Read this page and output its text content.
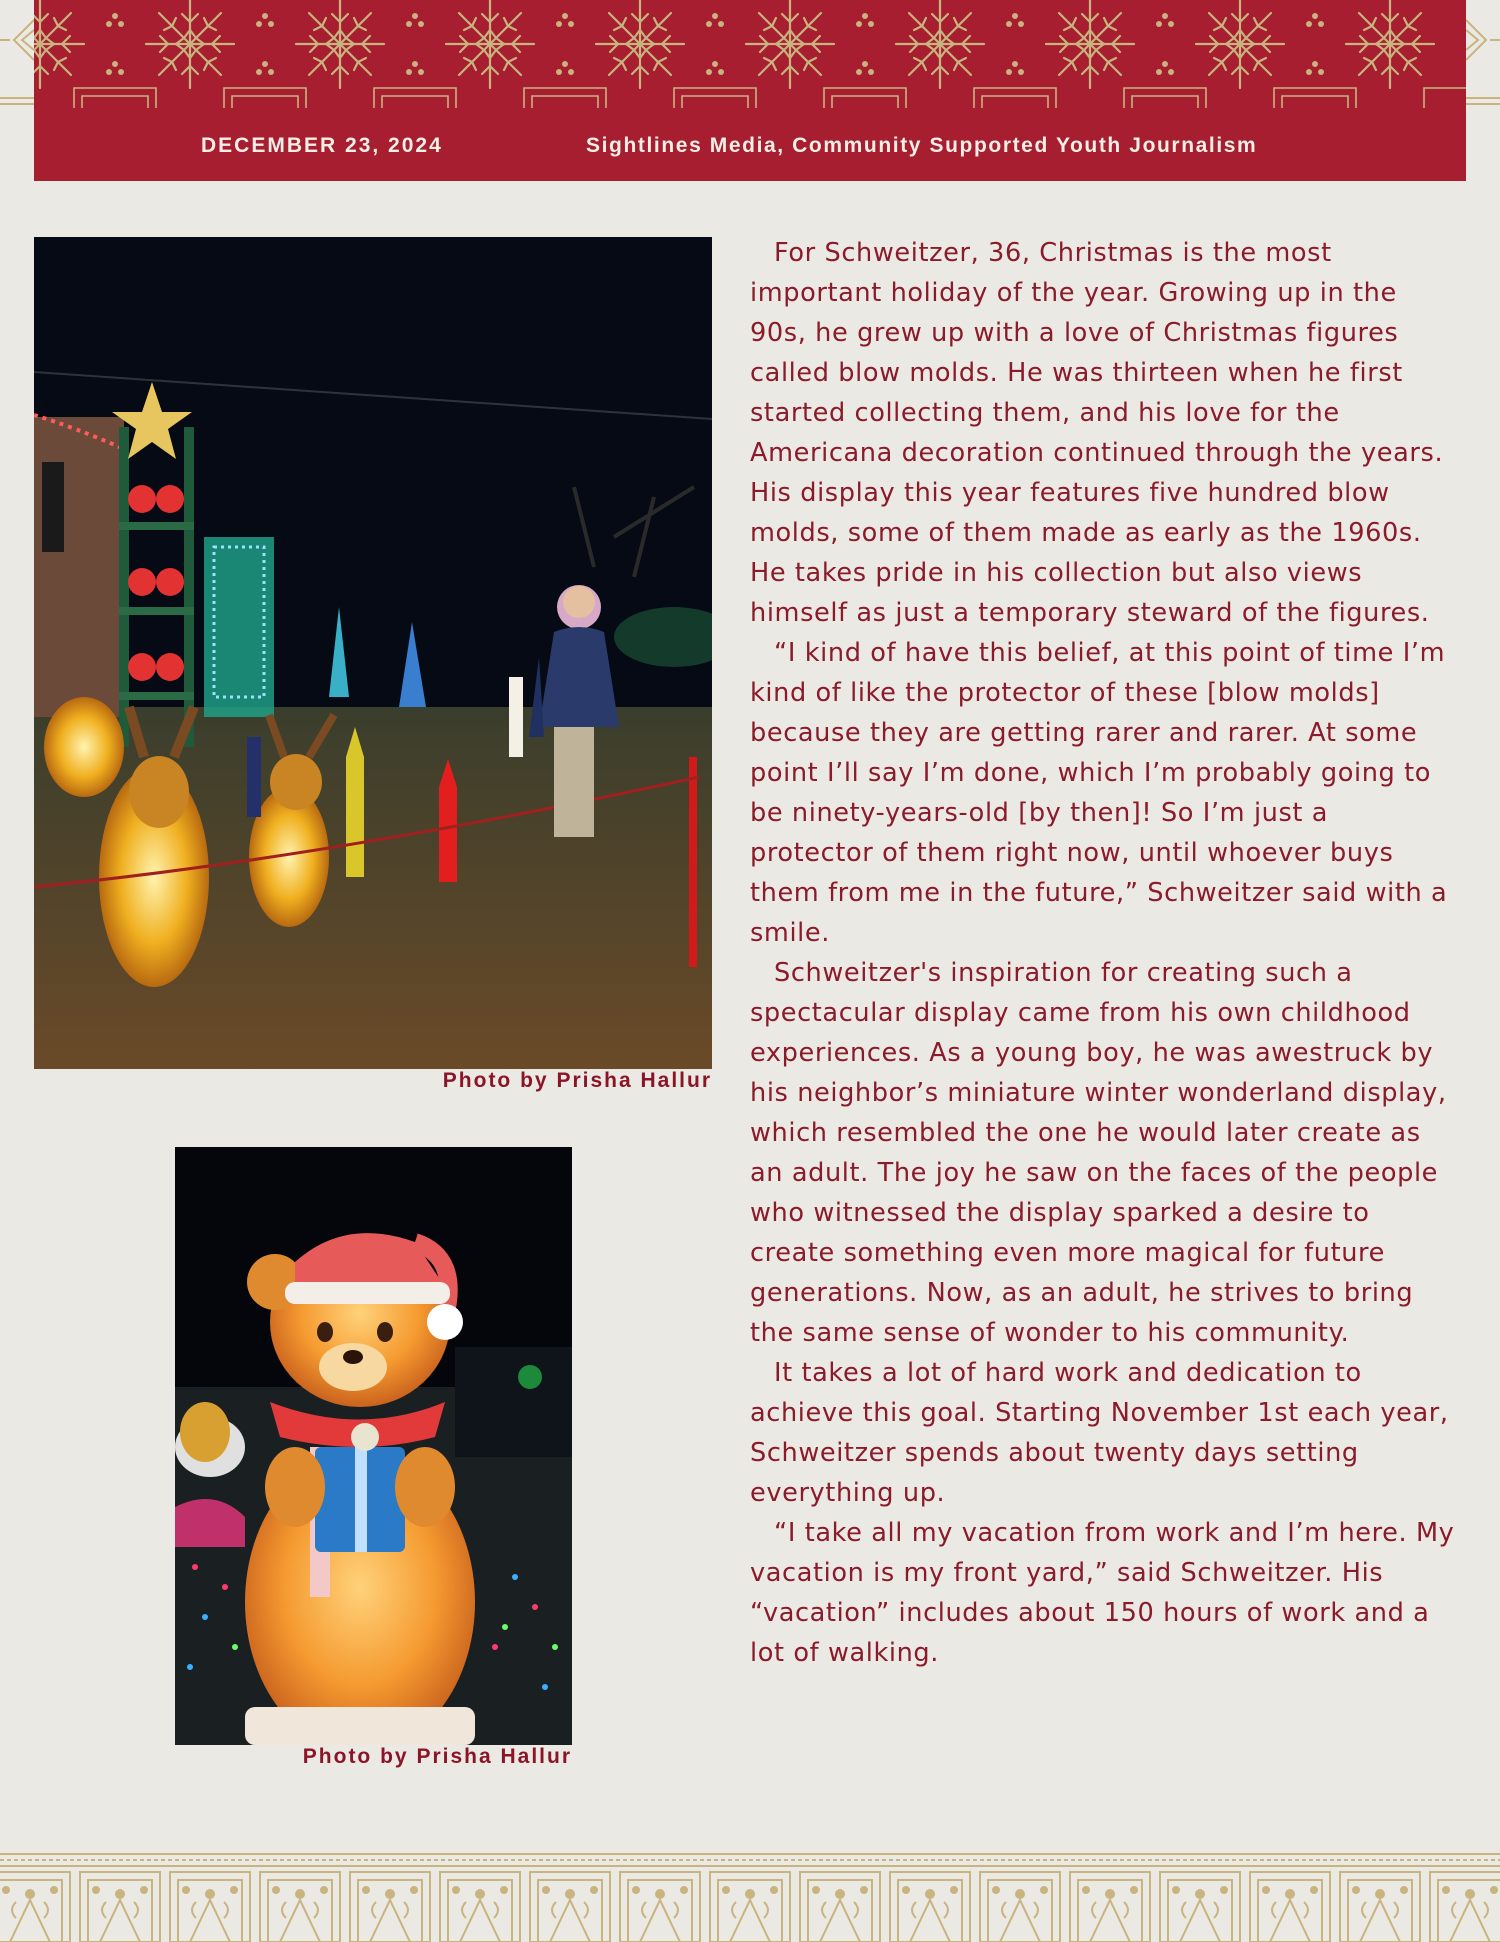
DECEMBER 23, 2024	Sightlines Media, Community Supported Youth Journalism
Photo by Prisha Hallur
Photo by Prisha Hallur

For Schweitzer, 36, Christmas is the most important holiday of the year. Growing up in the 90s, he grew up with a love of Christmas figures called blow molds. He was thirteen when he first started collecting them, and his love for the Americana decoration continued through the years. His display this year features five hundred blow molds, some of them made as early as the 1960s. He takes pride in his collection but also views himself as just a temporary steward of the figures.

“I kind of have this belief, at this point of time I’m kind of like the protector of these [blow molds] because they are getting rarer and rarer. At some point I’ll say I’m done, which I’m probably going to be ninety-years-old [by then]! So I’m just a protector of them right now, until whoever buys them from me in the future,” Schweitzer said with a smile.

Schweitzer's inspiration for creating such a spectacular display came from his own childhood experiences. As a young boy, he was awestruck by his neighbor’s miniature winter wonderland display, which resembled the one he would later create as an adult. The joy he saw on the faces of the people who witnessed the display sparked a desire to create something even more magical for future generations. Now, as an adult, he strives to bring the same sense of wonder to his community.

It takes a lot of hard work and dedication to achieve this goal. Starting November 1st each year, Schweitzer spends about twenty days setting everything up.

“I take all my vacation from work and I’m here. My vacation is my front yard,” said Schweitzer. His “vacation” includes about 150 hours of work and a lot of walking.
